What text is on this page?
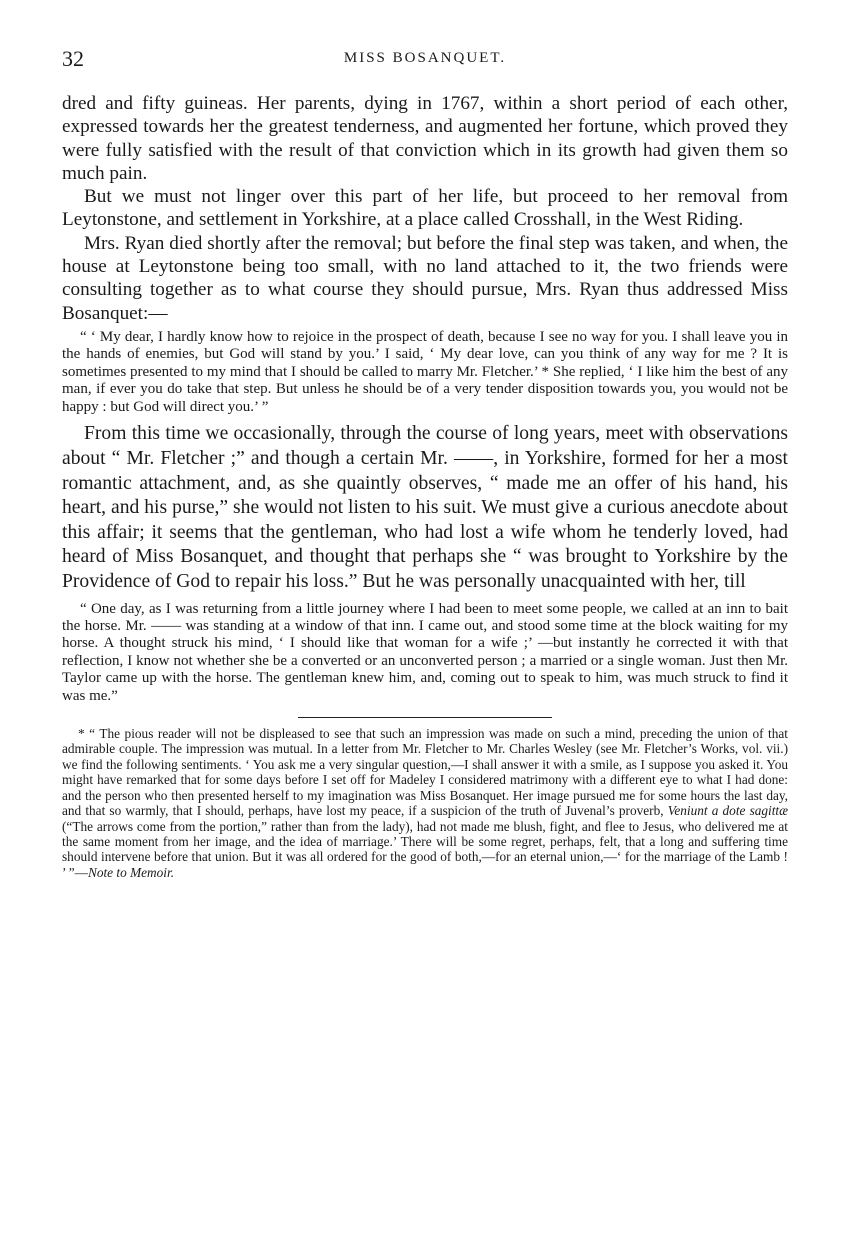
32	MISS BOSANQUET.

dred and fifty guineas. Her parents, dying in 1767, within a short period of each other, expressed towards her the greatest tenderness, and augmented her fortune, which proved they were fully satisfied with the result of that conviction which in its growth had given them so much pain.

But we must not linger over this part of her life, but proceed to her removal from Leytonstone, and settlement in Yorkshire, at a place called Crosshall, in the West Riding.

Mrs. Ryan died shortly after the removal; but before the final step was taken, and when, the house at Leytonstone being too small, with no land attached to it, the two friends were consulting together as to what course they should pursue, Mrs. Ryan thus addressed Miss Bosanquet:—

“ ‘ My dear, I hardly know how to rejoice in the prospect of death, because I see no way for you. I shall leave you in the hands of enemies, but God will stand by you.’ I said, ‘ My dear love, can you think of any way for me ? It is sometimes presented to my mind that I should be called to marry Mr. Fletcher.’ * She replied, ‘ I like him the best of any man, if ever you do take that step. But unless he should be of a very tender disposition towards you, you would not be happy : but God will direct you.’ ”

From this time we occasionally, through the course of long years, meet with observations about “ Mr. Fletcher ;” and though a certain Mr. ——, in Yorkshire, formed for her a most romantic attachment, and, as she quaintly observes, “ made me an offer of his hand, his heart, and his purse,” she would not listen to his suit. We must give a curious anecdote about this affair; it seems that the gentleman, who had lost a wife whom he tenderly loved, had heard of Miss Bosanquet, and thought that perhaps she “ was brought to Yorkshire by the Providence of God to repair his loss.” But he was personally unacquainted with her, till

“ One day, as I was returning from a little journey where I had been to meet some people, we called at an inn to bait the horse. Mr. —— was standing at a window of that inn. I came out, and stood some time at the block waiting for my horse. A thought struck his mind, ‘ I should like that woman for a wife ;’ —but instantly he corrected it with that reflection, I know not whether she be a converted or an unconverted person ; a married or a single woman. Just then Mr. Taylor came up with the horse. The gentleman knew him, and, coming out to speak to him, was much struck to find it was me.”

* “ The pious reader will not be displeased to see that such an impression was made on such a mind, preceding the union of that admirable couple. The impression was mutual. In a letter from Mr. Fletcher to Mr. Charles Wesley (see Mr. Fletcher’s Works, vol. vii.) we find the following sentiments. ‘ You ask me a very singular question,—I shall answer it with a smile, as I suppose you asked it. You might have remarked that for some days before I set off for Madeley I considered matrimony with a different eye to what I had done: and the person who then presented herself to my imagination was Miss Bosanquet. Her image pursued me for some hours the last day, and that so warmly, that I should, perhaps, have lost my peace, if a suspicion of the truth of Juvenal’s proverb, Veniunt a dote sagittæ (“The arrows come from the portion,” rather than from the lady), had not made me blush, fight, and flee to Jesus, who delivered me at the same moment from her image, and the idea of marriage.’ There will be some regret, perhaps, felt, that a long and suffering time should intervene before that union. But it was all ordered for the good of both,—for an eternal union,—‘ for the marriage of the Lamb ! ’ ”—Note to Memoir.
